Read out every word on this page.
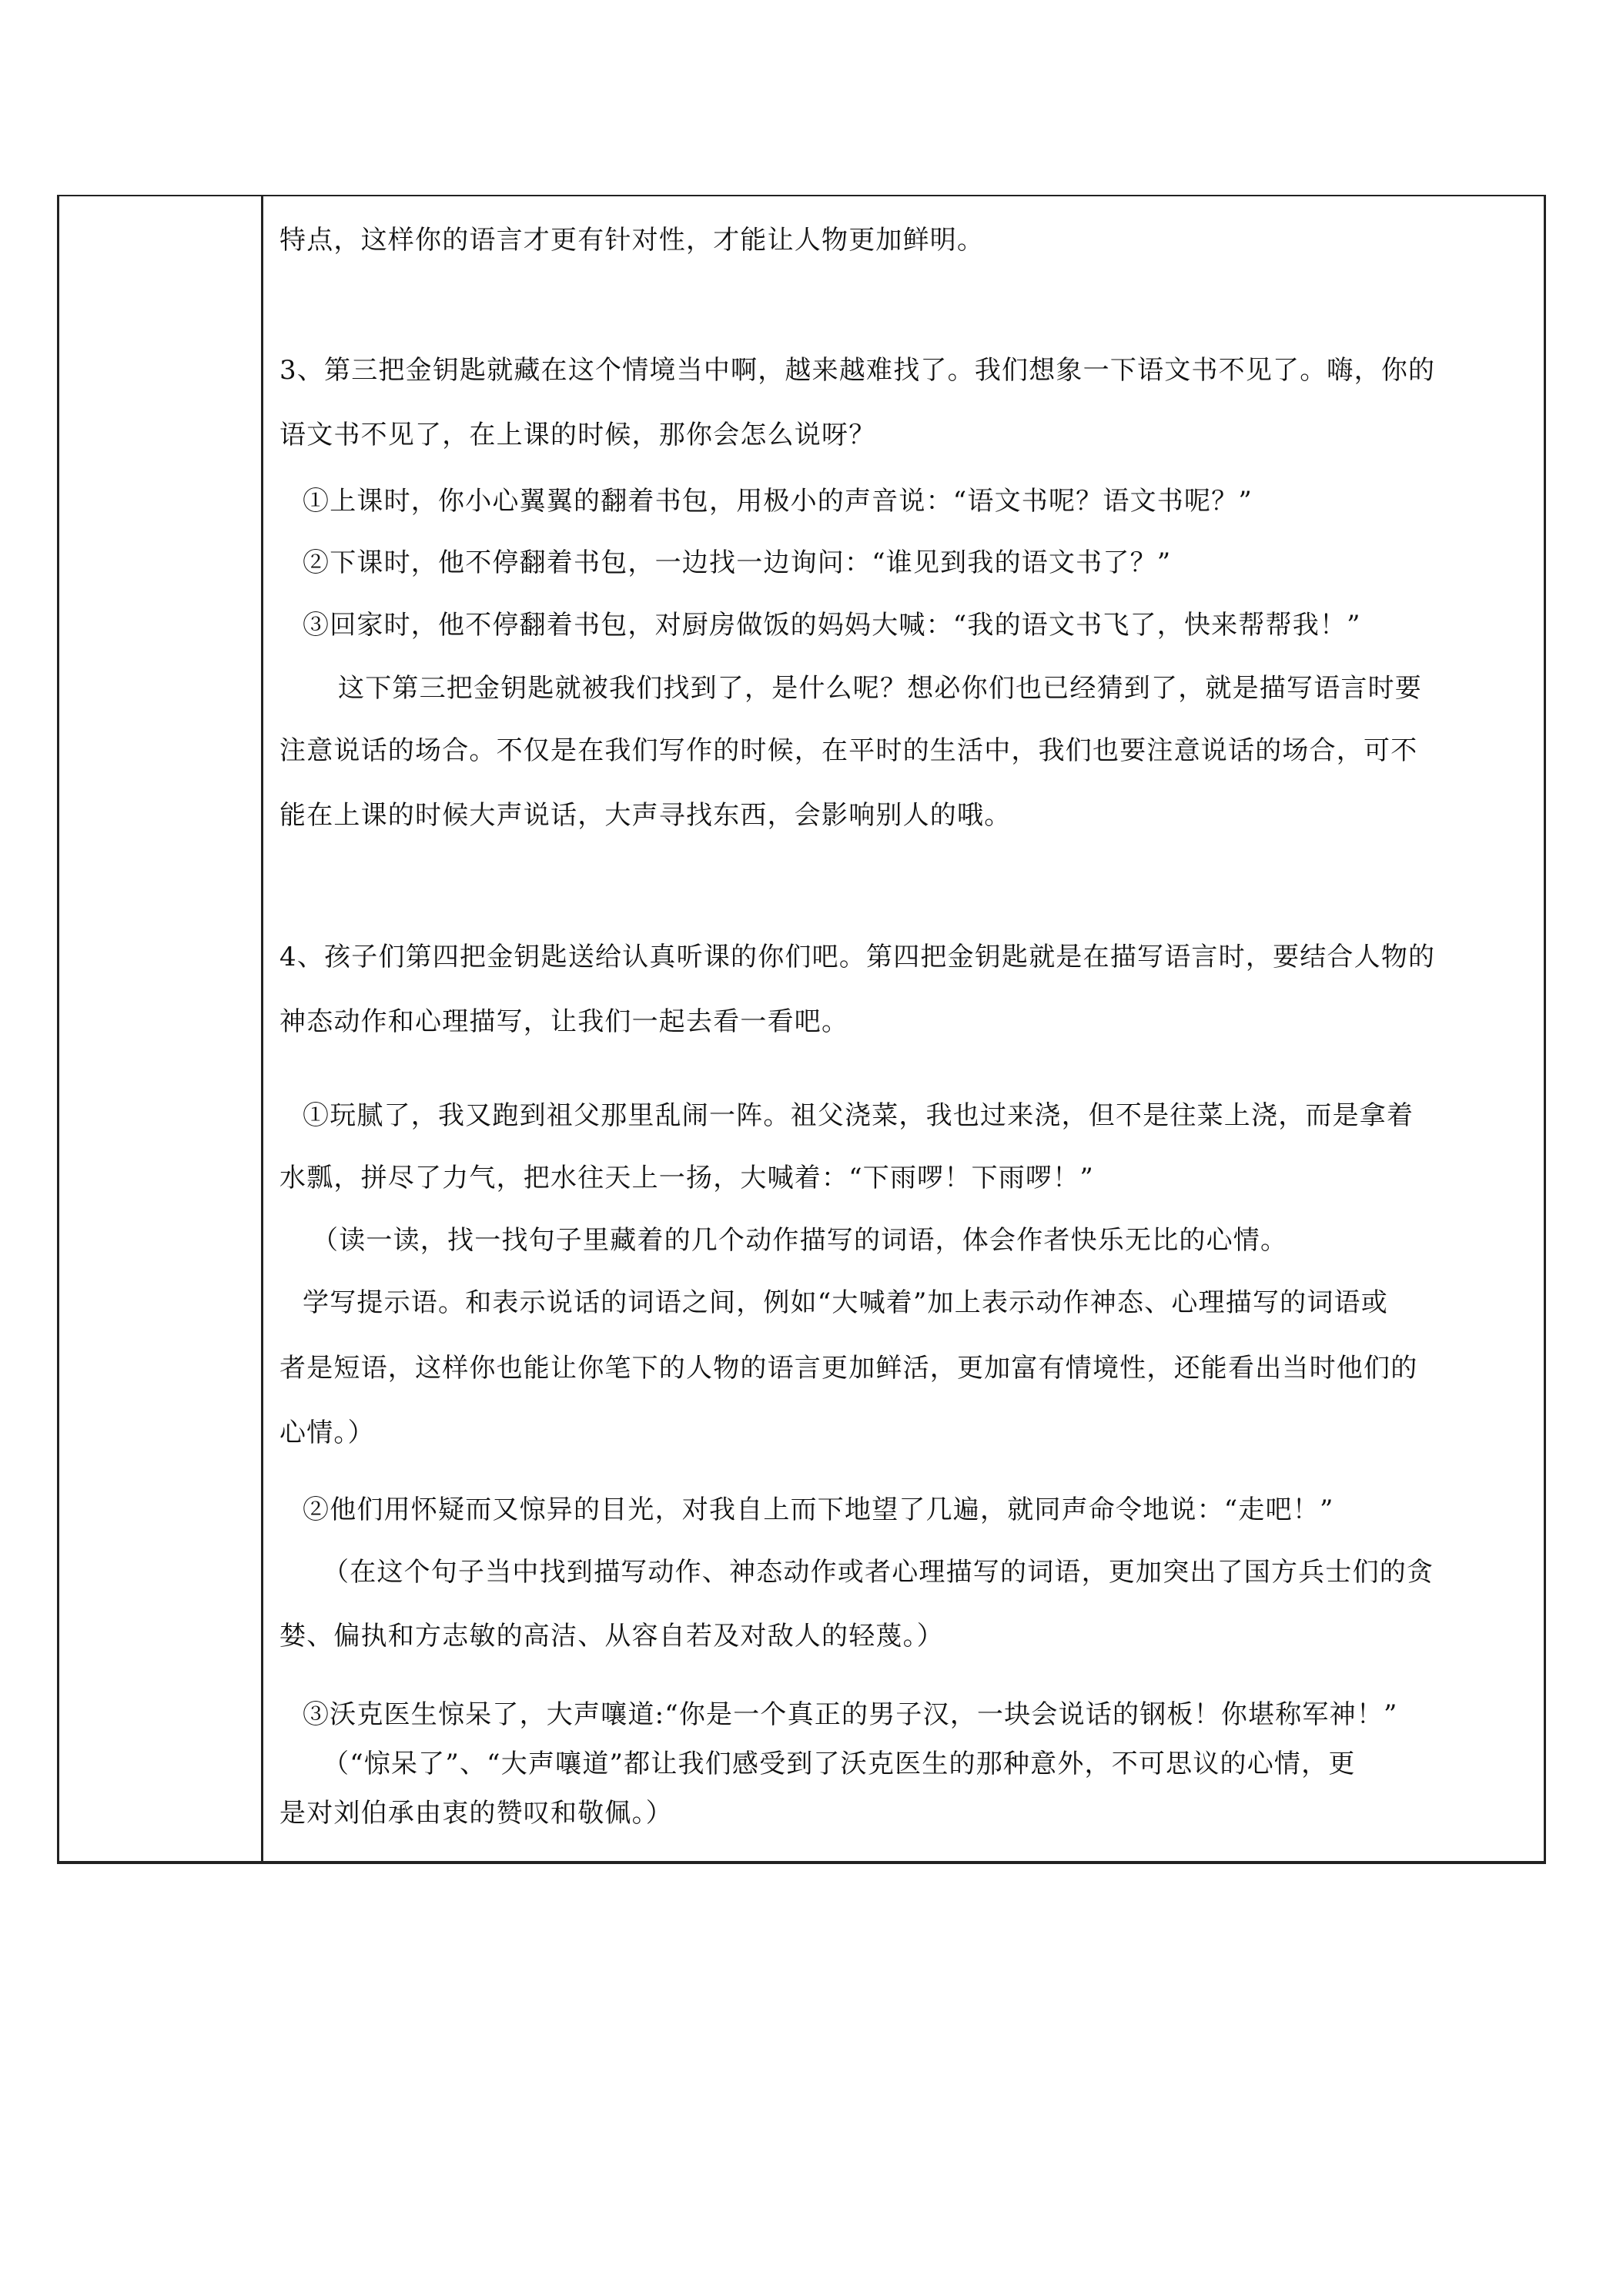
特点，这样你的语言才更有针对性，才能让人物更加鲜明。
3、第三把金钥匙就藏在这个情境当中啊，越来越难找了。我们想象一下语文书不见了。嗨，你的
语文书不见了，在上课的时候，那你会怎么说呀？
①上课时，你小心翼翼的翻着书包，用极小的声音说：“语文书呢？语文书呢？”
②下课时，他不停翻着书包，一边找一边询问：“谁见到我的语文书了？”
③回家时，他不停翻着书包，对厨房做饭的妈妈大喊：“我的语文书飞了，快来帮帮我！”
这下第三把金钥匙就被我们找到了，是什么呢？想必你们也已经猜到了，就是描写语言时要
注意说话的场合。不仅是在我们写作的时候，在平时的生活中，我们也要注意说话的场合，可不
能在上课的时候大声说话，大声寻找东西，会影响别人的哦。
4、孩子们第四把金钥匙送给认真听课的你们吧。第四把金钥匙就是在描写语言时，要结合人物的
神态动作和心理描写，让我们一起去看一看吧。
①玩腻了，我又跑到祖父那里乱闹一阵。祖父浇菜，我也过来浇，但不是往菜上浇，而是拿着
水瓢，拼尽了力气，把水往天上一扬，大喊着：“下雨啰！下雨啰！”
（读一读，找一找句子里藏着的几个动作描写的词语，体会作者快乐无比的心情。
学写提示语。和表示说话的词语之间，例如“大喊着”加上表示动作神态、心理描写的词语或
者是短语，这样你也能让你笔下的人物的语言更加鲜活，更加富有情境性，还能看出当时他们的
心情。）
②他们用怀疑而又惊异的目光，对我自上而下地望了几遍，就同声命令地说：“走吧！”
（在这个句子当中找到描写动作、神态动作或者心理描写的词语，更加突出了国方兵士们的贪
婪、偏执和方志敏的高洁、从容自若及对敌人的轻蔑。）
③沃克医生惊呆了，大声嚷道:“你是一个真正的男子汉，一块会说话的钢板！你堪称军神！”
（“惊呆了”、“大声嚷道”都让我们感受到了沃克医生的那种意外，不可思议的心情，更
是对刘伯承由衷的赞叹和敬佩。）
